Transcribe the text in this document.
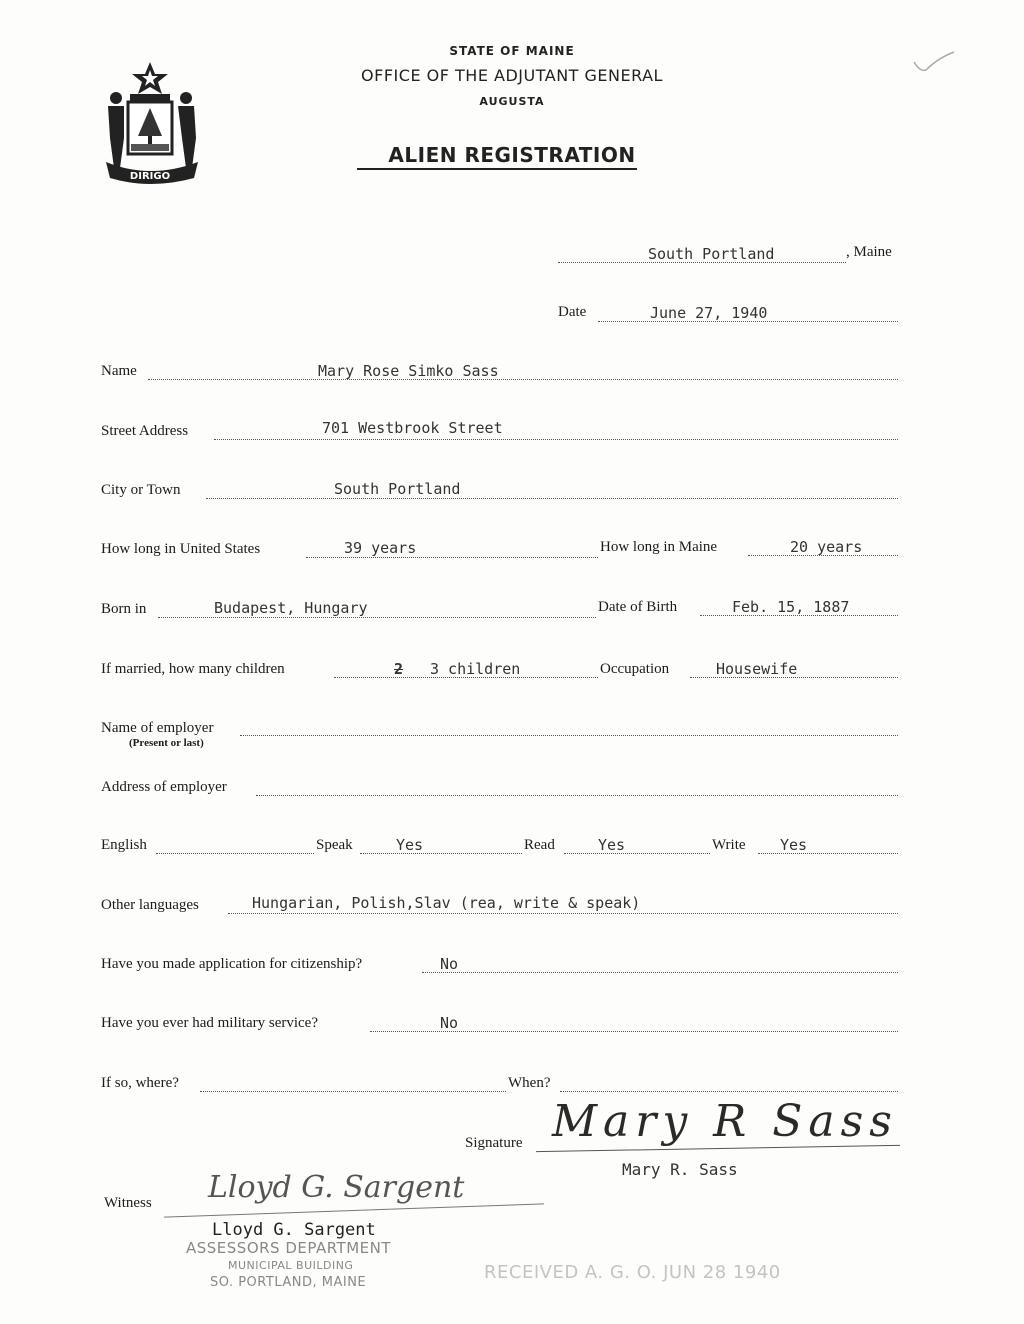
DIRIGO
STATE OF MAINE
OFFICE OF THE ADJUTANT GENERAL
AUGUSTA
ALIEN REGISTRATION
South Portland	, Maine
Date	June 27, 1940
Name	Mary Rose Simko Sass
Street Address	701 Westbrook Street
City or Town	South Portland
How long in United States	39 years	How long in Maine	20 years
Born in	Budapest, Hungary	Date of Birth	Feb. 15, 1887
If married, how many children	2 3 children	Occupation	Housewife
Name of employer
(Present or last)
Address of employer
English	Speak	Yes	Read	Yes	Write Yes
Other languages	Hungarian, Polish,Slav (rea, write & speak)
Have you made application for citizenship?	No
Have you ever had military service?	No
If so, where?	When?
Signature Mary R Sass
Mary R. Sass
Witness Lloyd G. Sargent
Lloyd G. Sargent
ASSESSORS DEPARTMENT
MUNICIPAL BUILDING
SO. PORTLAND, MAINE	RECEIVED A. G. O. JUN 28 1940
